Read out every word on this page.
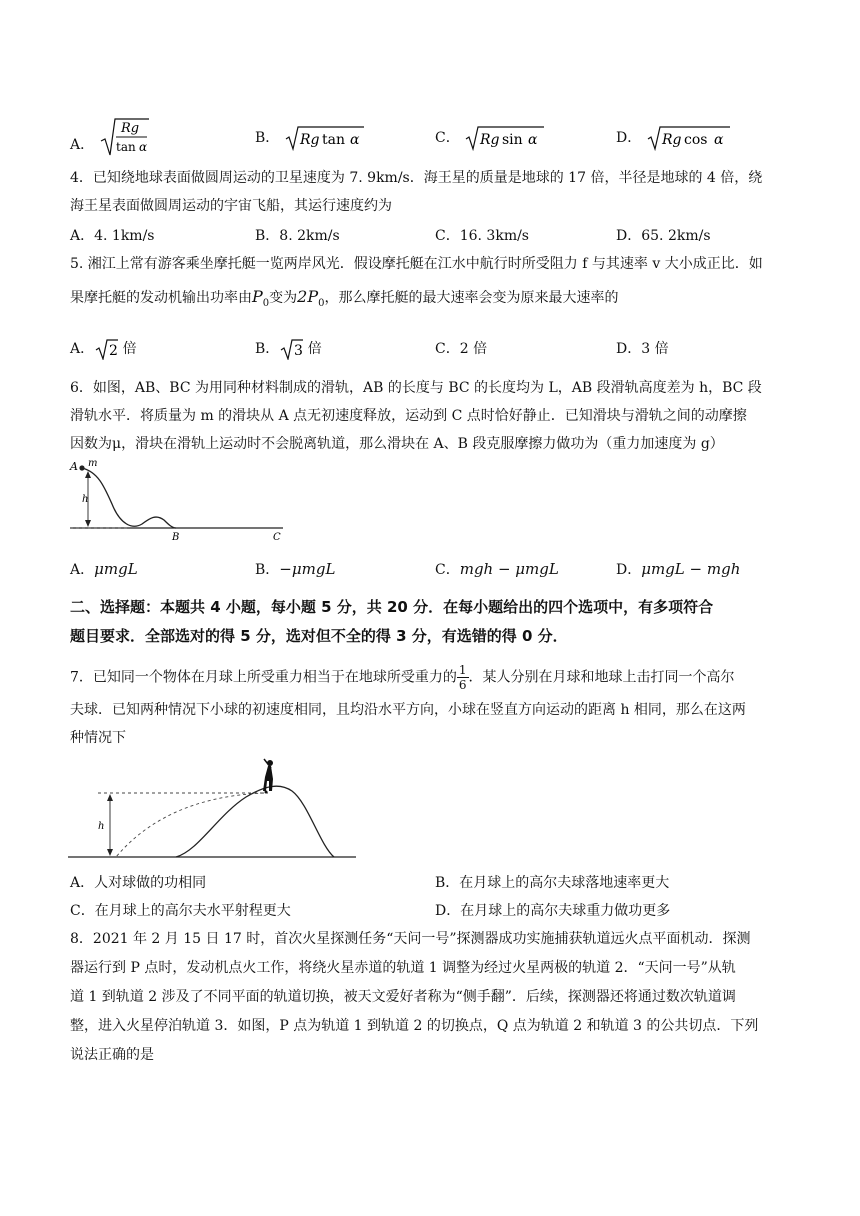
A．
Rg
tan α
B． Rg tan α	C． Rg sin α	D． Rg cos α
4．已知绕地球表面做圆周运动的卫星速度为 7. 9km/s．海王星的质量是地球的 17 倍，半径是地球的 4 倍，绕
海王星表面做圆周运动的宇宙飞船，其运行速度约为
A．4. 1km/s	B．8. 2km/s	C．16. 3km/s	D．65. 2km/s
5. 湘江上常有游客乘坐摩托艇一览两岸风光．假设摩托艇在江水中航行时所受阻力 f 与其速率 v 大小成正比．如
果摩托艇的发动机输出功率由$P_0$变为$2P_0$，那么摩托艇的最大速率会变为原来最大速率的
A． 2 倍	B． 3 倍	C．2 倍	D．3 倍
6．如图，AB、BC 为用同种材料制成的滑轨，AB 的长度与 BC 的长度均为 L，AB 段滑轨高度差为 h，BC 段
滑轨水平．将质量为 m 的滑块从 A 点无初速度释放，运动到 C 点时恰好静止．已知滑块与滑轨之间的动摩擦
因数为μ，滑块在滑轨上运动时不会脱离轨道，那么滑块在 A、B 段克服摩擦力做功为（重力加速度为 g）
A m
h
B	C
A．μmgL	B．−μmgL	C．mgh − μmgL	D．μmgL − mgh
二、选择题：本题共 4 小题，每小题 5 分，共 20 分．在每小题给出的四个选项中，有多项符合
题目要求．全部选对的得 5 分，选对但不全的得 3 分，有选错的得 0 分．
7．已知同一个物体在月球上所受重力相当于在地球所受重力的 $\frac{1}{6}$ ．某人分别在月球和地球上击打同一个高尔
夫球．已知两种情况下小球的初速度相同，且均沿水平方向，小球在竖直方向运动的距离 h 相同，那么在这两
种情况下
h
A．人对球做的功相同	B．在月球上的高尔夫球落地速率更大
C．在月球上的高尔夫水平射程更大	D．在月球上的高尔夫球重力做功更多
8．2021 年 2 月 15 日 17 时，首次火星探测任务“天问一号”探测器成功实施捕获轨道远火点平面机动．探测
器运行到 P 点时，发动机点火工作，将绕火星赤道的轨道 1 调整为经过火星两极的轨道 2．“天问一号”从轨
道 1 到轨道 2 涉及了不同平面的轨道切换，被天文爱好者称为“侧手翻”．后续，探测器还将通过数次轨道调
整，进入火星停泊轨道 3．如图，P 点为轨道 1 到轨道 2 的切换点，Q 点为轨道 2 和轨道 3 的公共切点．下列
说法正确的是
